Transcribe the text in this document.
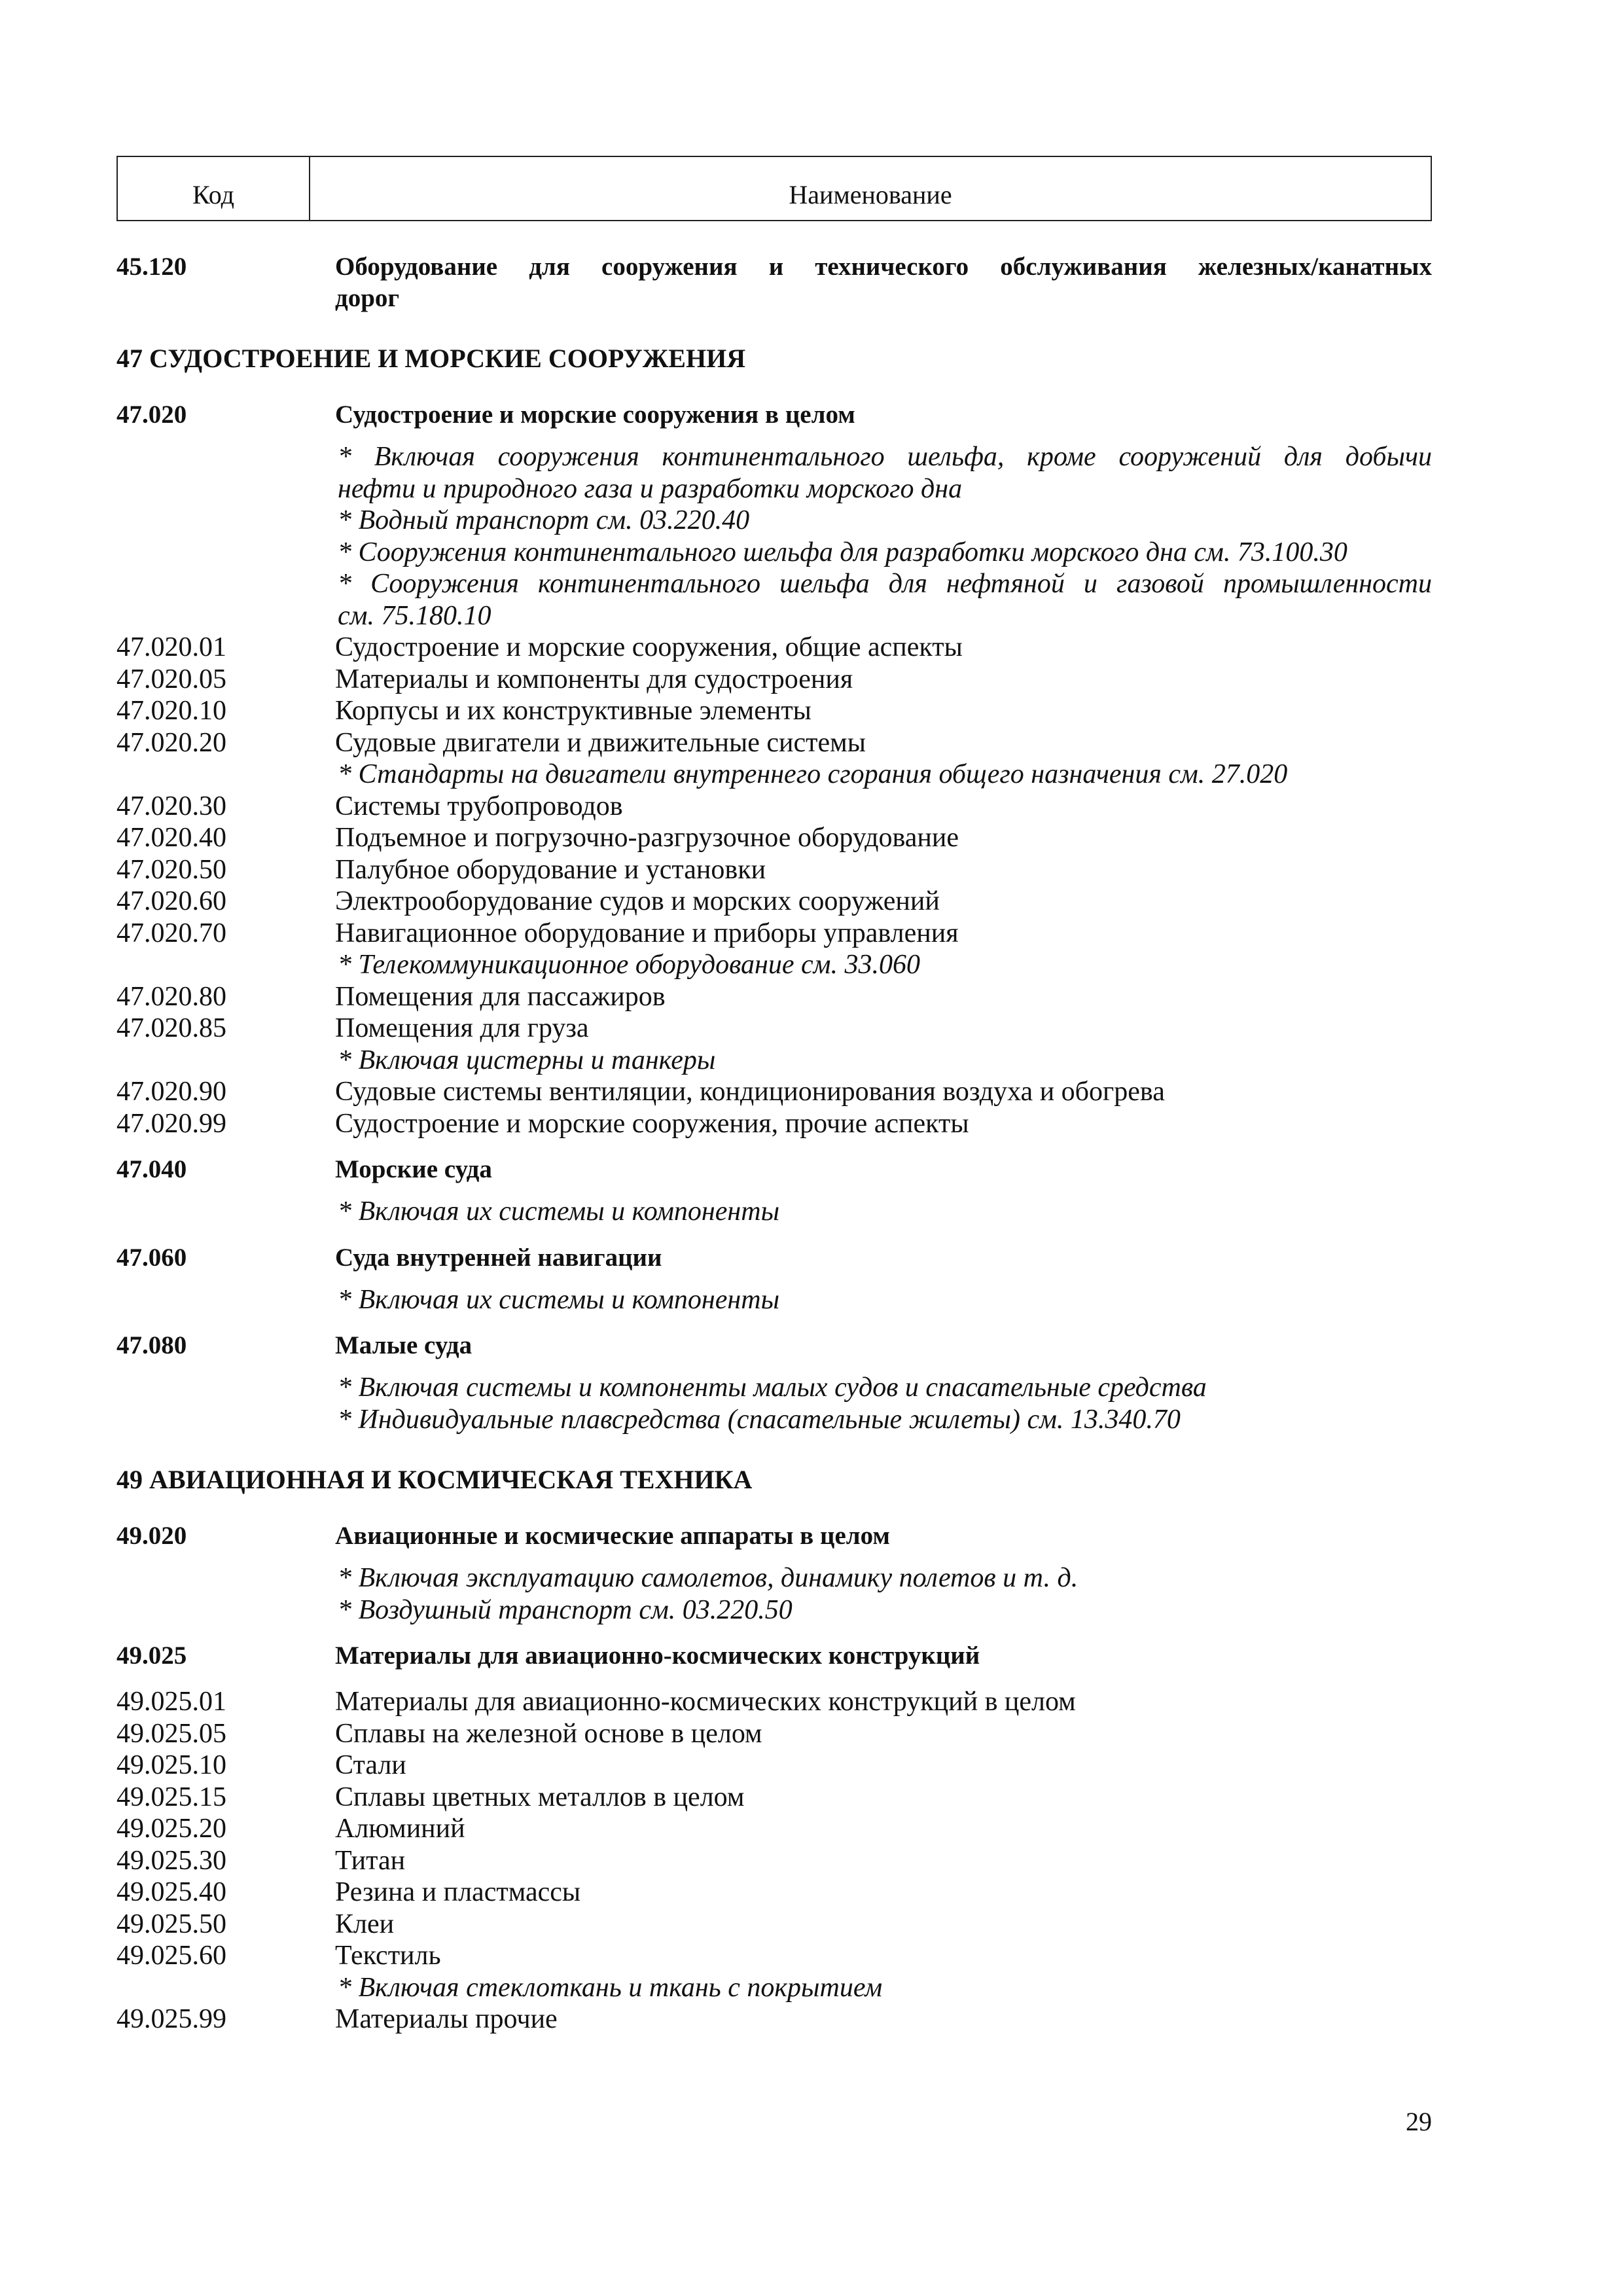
Код	Наименование
45.120	Оборудование для сооружения и технического обслуживания железных/канатных
дорог
47 СУДОСТРОЕНИЕ И МОРСКИЕ СООРУЖЕНИЯ
47.020	Судостроение и морские сооружения в целом
* Включая сооружения континентального шельфа, кроме сооружений для добычи
нефти и природного газа и разработки морского дна
* Водный транспорт см. 03.220.40
* Сооружения континентального шельфа для разработки морского дна см. 73.100.30
* Сооружения континентального шельфа для нефтяной и газовой промышленности
см. 75.180.10
47.020.01	Судостроение и морские сооружения, общие аспекты
47.020.05	Материалы и компоненты для судостроения
47.020.10	Корпусы и их конструктивные элементы
47.020.20	Судовые двигатели и движительные системы
* Стандарты на двигатели внутреннего сгорания общего назначения см. 27.020
47.020.30	Системы трубопроводов
47.020.40	Подъемное и погрузочно-разгрузочное оборудование
47.020.50	Палубное оборудование и установки
47.020.60	Электрооборудование судов и морских сооружений
47.020.70	Навигационное оборудование и приборы управления
* Телекоммуникационное оборудование см. 33.060
47.020.80	Помещения для пассажиров
47.020.85	Помещения для груза
* Включая цистерны и танкеры
47.020.90	Судовые системы вентиляции, кондиционирования воздуха и обогрева
47.020.99	Судостроение и морские сооружения, прочие аспекты
47.040	Морские суда
* Включая их системы и компоненты
47.060	Суда внутренней навигации
* Включая их системы и компоненты
47.080	Малые суда
* Включая системы и компоненты малых судов и спасательные средства
* Индивидуальные плавсредства (спасательные жилеты) см. 13.340.70
49 АВИАЦИОННАЯ И КОСМИЧЕСКАЯ ТЕХНИКА
49.020	Авиационные и космические аппараты в целом
* Включая эксплуатацию самолетов, динамику полетов и т. д.
* Воздушный транспорт см. 03.220.50
49.025	Материалы для авиационно-космических конструкций
49.025.01	Материалы для авиационно-космических конструкций в целом
49.025.05	Сплавы на железной основе в целом
49.025.10	Стали
49.025.15	Сплавы цветных металлов в целом
49.025.20	Алюминий
49.025.30	Титан
49.025.40	Резина и пластмассы
49.025.50	Клеи
49.025.60	Текстиль
* Включая стеклоткань и ткань с покрытием
49.025.99	Материалы прочие
29
